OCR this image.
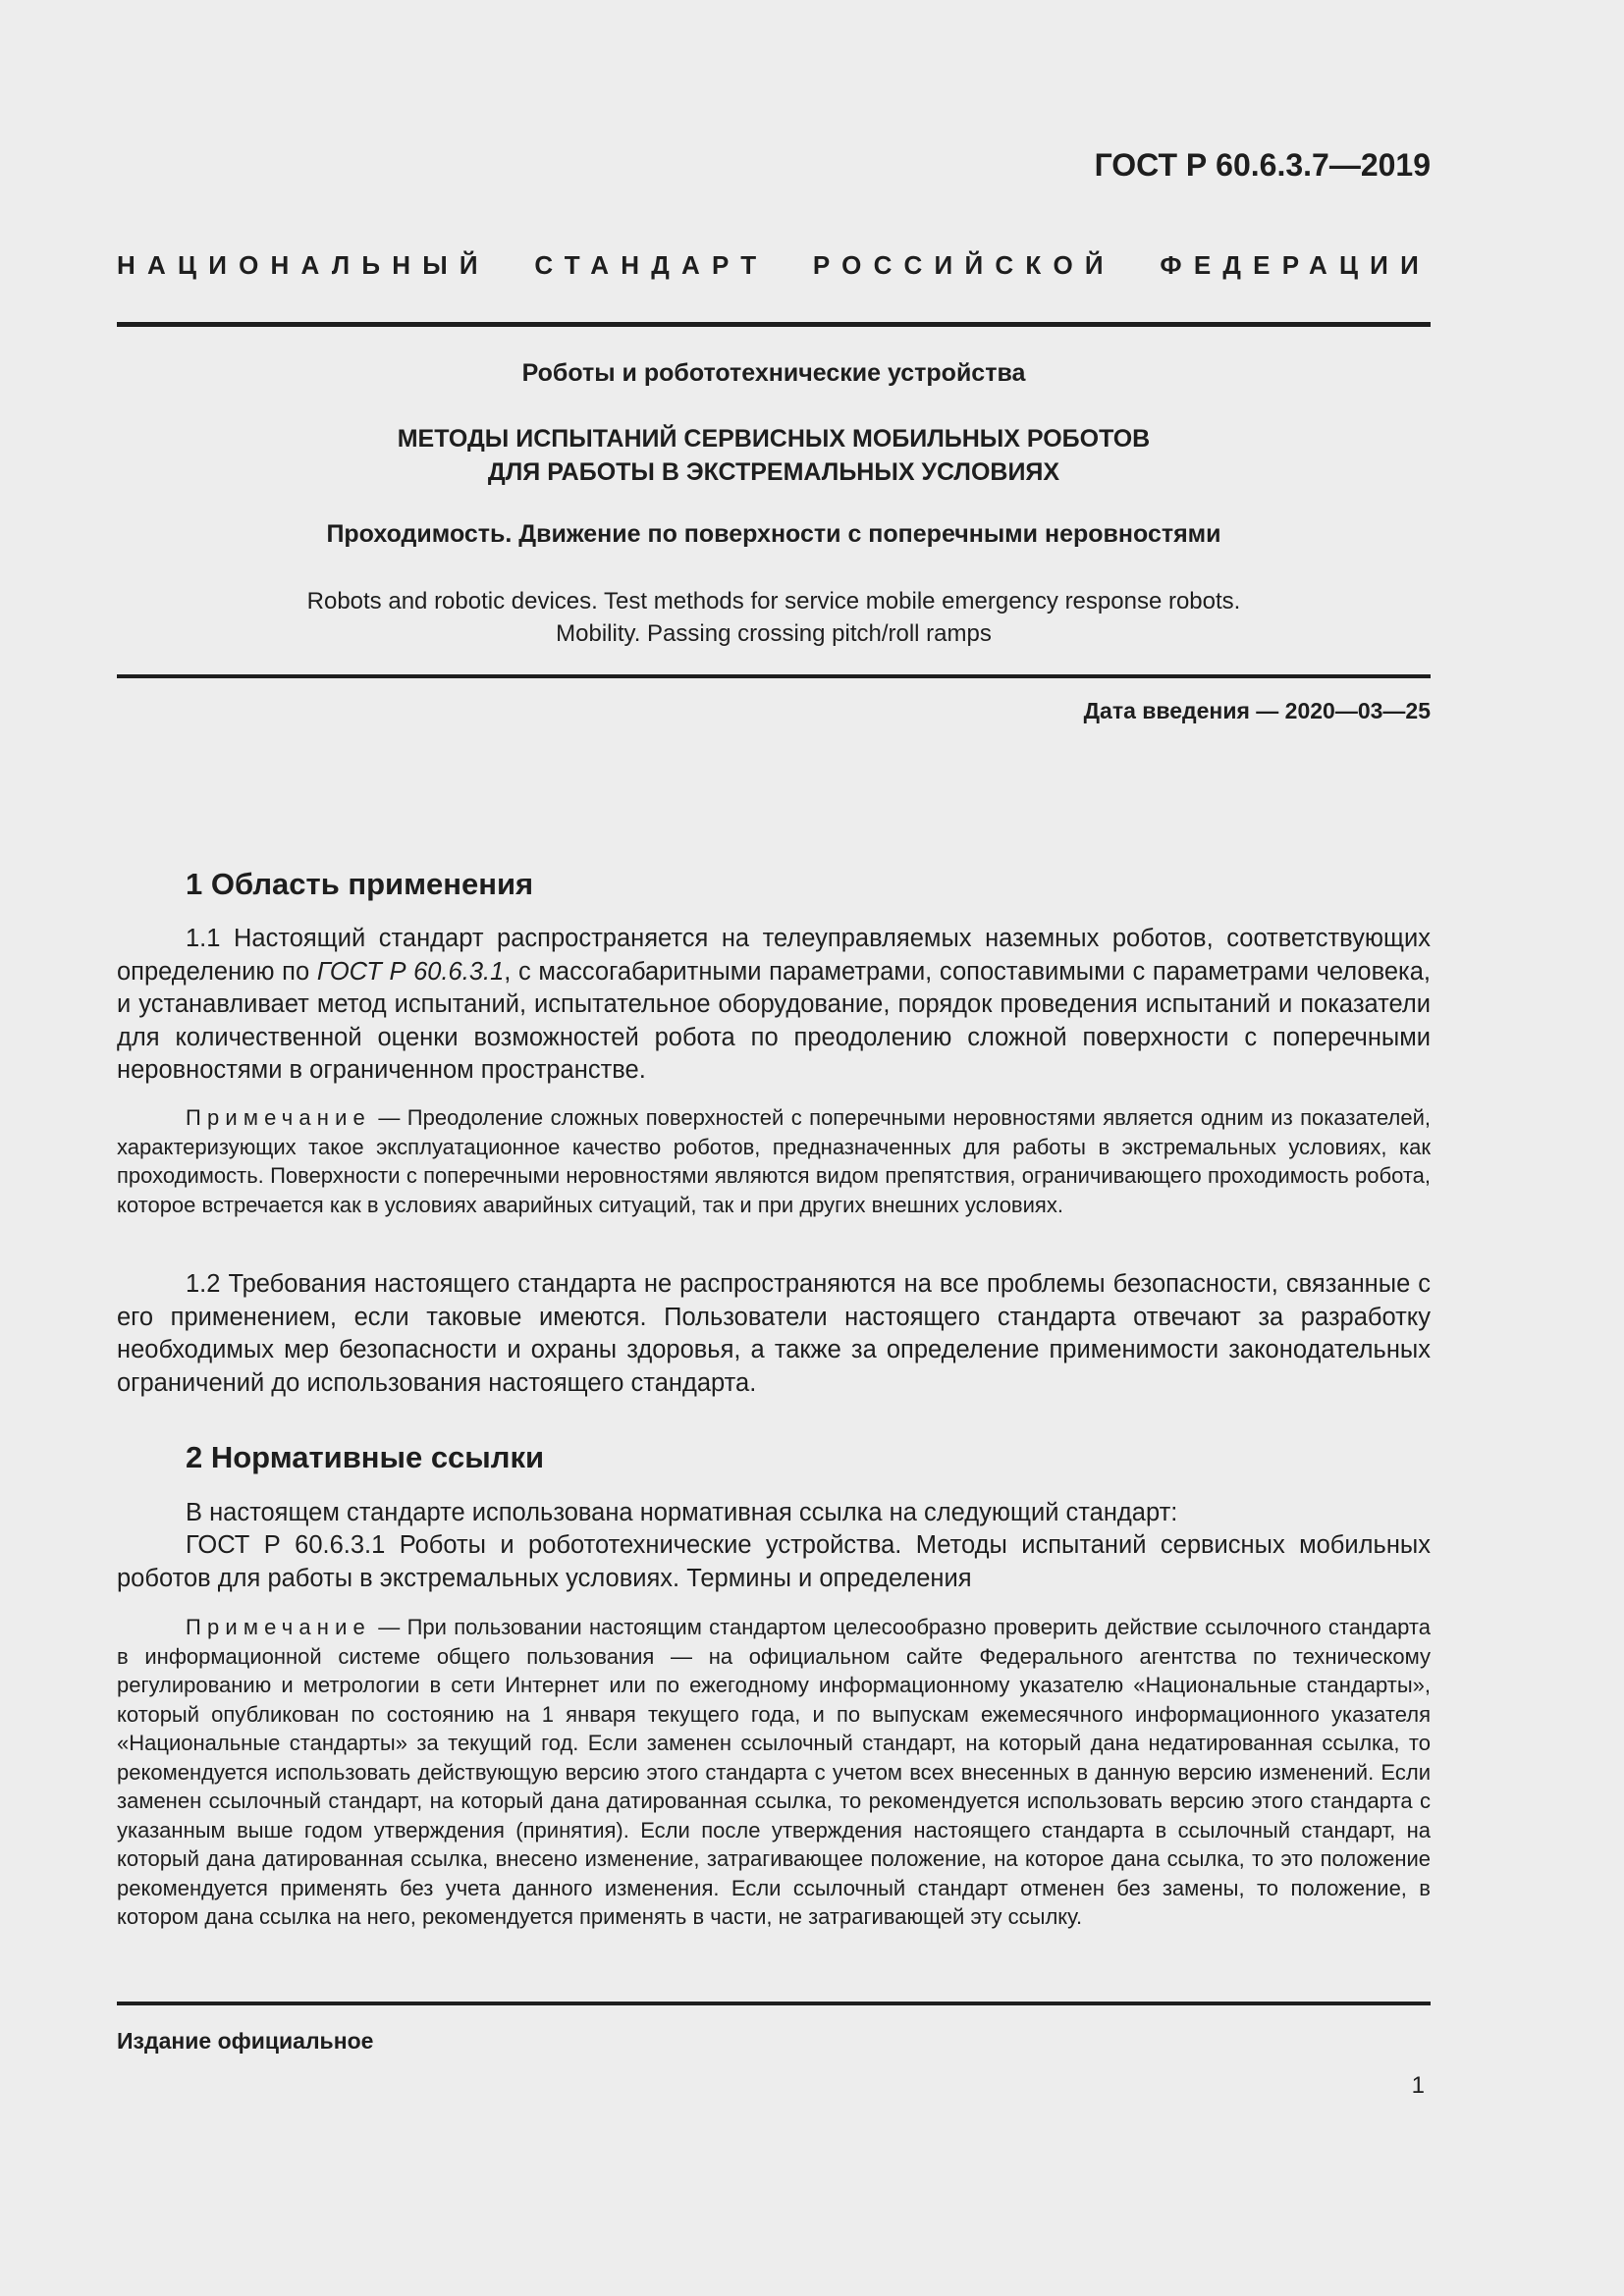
ГОСТ Р 60.6.3.7—2019
НАЦИОНАЛЬНЫЙ СТАНДАРТ РОССИЙСКОЙ ФЕДЕРАЦИИ
Роботы и робототехнические устройства
МЕТОДЫ ИСПЫТАНИЙ СЕРВИСНЫХ МОБИЛЬНЫХ РОБОТОВ
ДЛЯ РАБОТЫ В ЭКСТРЕМАЛЬНЫХ УСЛОВИЯХ
Проходимость. Движение по поверхности с поперечными неровностями
Robots and robotic devices. Test methods for service mobile emergency response robots.
Mobility. Passing crossing pitch/roll ramps
Дата введения — 2020—03—25
1 Область применения

1.1 Настоящий стандарт распространяется на телеуправляемых наземных роботов, соответствующих определению по ГОСТ Р 60.6.3.1, с массогабаритными параметрами, сопоставимыми с параметрами человека, и устанавливает метод испытаний, испытательное оборудование, порядок проведения испытаний и показатели для количественной оценки возможностей робота по преодолению сложной поверхности с поперечными неровностями в ограниченном пространстве.

Примечание — Преодоление сложных поверхностей с поперечными неровностями является одним из показателей, характеризующих такое эксплуатационное качество роботов, предназначенных для работы в экстремальных условиях, как проходимость. Поверхности с поперечными неровностями являются видом препятствия, ограничивающего проходимость робота, которое встречается как в условиях аварийных ситуаций, так и при других внешних условиях.

1.2 Требования настоящего стандарта не распространяются на все проблемы безопасности, связанные с его применением, если таковые имеются. Пользователи настоящего стандарта отвечают за разработку необходимых мер безопасности и охраны здоровья, а также за определение применимости законодательных ограничений до использования настоящего стандарта.

2 Нормативные ссылки

В настоящем стандарте использована нормативная ссылка на следующий стандарт:

ГОСТ Р 60.6.3.1 Роботы и робототехнические устройства. Методы испытаний сервисных мобильных роботов для работы в экстремальных условиях. Термины и определения

Примечание — При пользовании настоящим стандартом целесообразно проверить действие ссылочного стандарта в информационной системе общего пользования — на официальном сайте Федерального агентства по техническому регулированию и метрологии в сети Интернет или по ежегодному информационному указателю «Национальные стандарты», который опубликован по состоянию на 1 января текущего года, и по выпускам ежемесячного информационного указателя «Национальные стандарты» за текущий год. Если заменен ссылочный стандарт, на который дана недатированная ссылка, то рекомендуется использовать действующую версию этого стандарта с учетом всех внесенных в данную версию изменений. Если заменен ссылочный стандарт, на который дана датированная ссылка, то рекомендуется использовать версию этого стандарта с указанным выше годом утверждения (принятия). Если после утверждения настоящего стандарта в ссылочный стандарт, на который дана датированная ссылка, внесено изменение, затрагивающее положение, на которое дана ссылка, то это положение рекомендуется применять без учета данного изменения. Если ссылочный стандарт отменен без замены, то положение, в котором дана ссылка на него, рекомендуется применять в части, не затрагивающей эту ссылку.

Издание официальное
1
